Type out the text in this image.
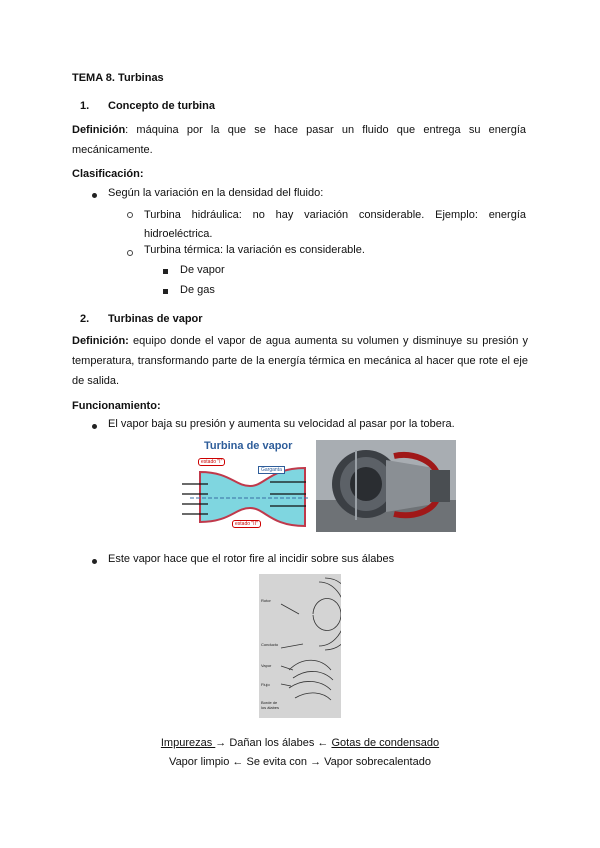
TEMA 8. Turbinas
1. Concepto de turbina
Definición: máquina por la que se hace pasar un fluido que entrega su energía mecánicamente.
Clasificación:
Según la variación en la densidad del fluido:
Turbina hidráulica: no hay variación considerable. Ejemplo: energía hidroeléctrica.
Turbina térmica: la variación es considerable.
De vapor
De gas
2. Turbinas de vapor
Definición: equipo donde el vapor de agua aumenta su volumen y disminuye su presión y temperatura, transformando parte de la energía térmica en mecánica al hacer que rote el eje de salida.
Funcionamiento:
El vapor baja su presión y aumenta su velocidad al pasar por la tobera.
Turbina de vapor
estado "I"
Garganta
estado "II"
Este vapor hace que el rotor fire al incidir sobre sus álabes
Rotor
Conducto
Vapor
Flujo
Borde de los álabes
Impurezas → Dañan los álabes ← Gotas de condensado
Vapor limpio ← Se evita con → Vapor sobrecalentado
